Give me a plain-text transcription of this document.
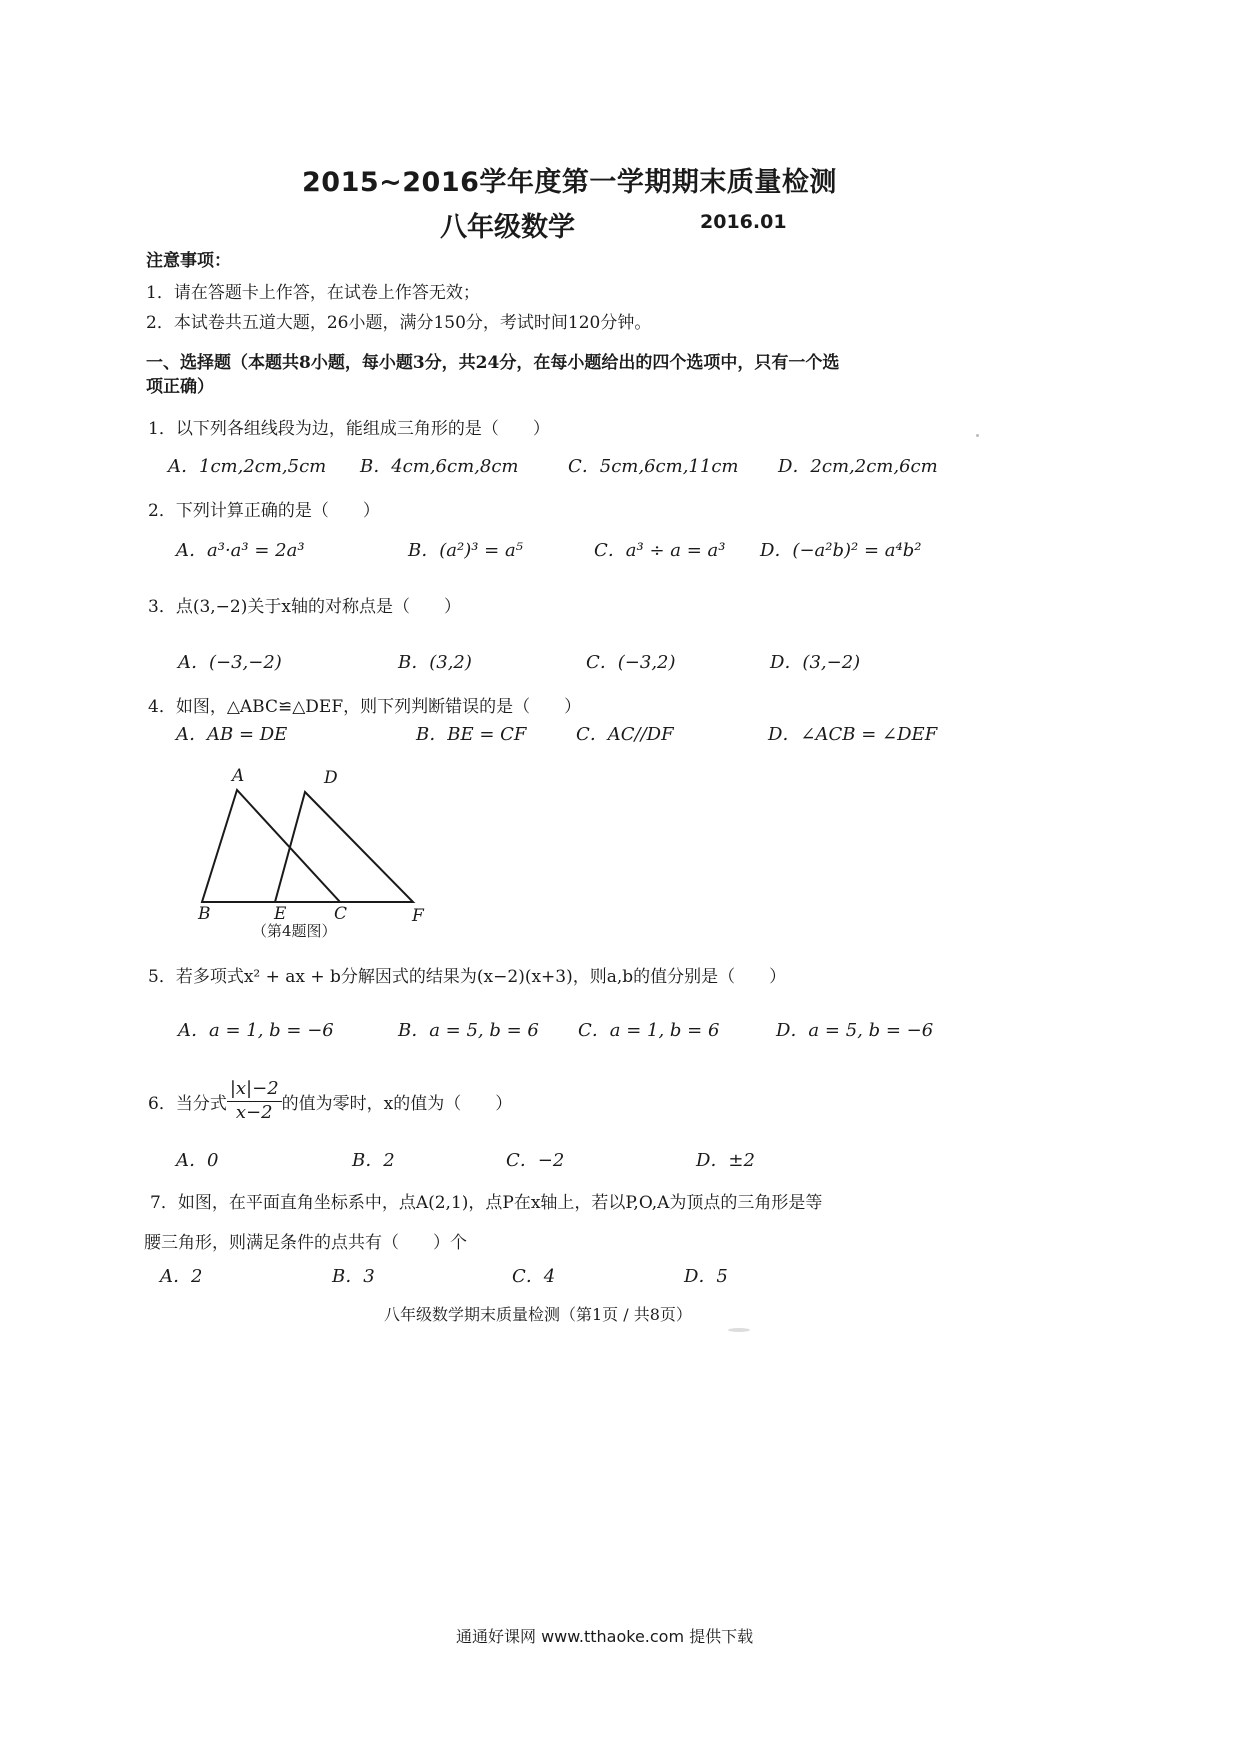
2015~2016学年度第一学期期末质量检测
八年级数学	2016.01
注意事项：
1．请在答题卡上作答，在试卷上作答无效；
2．本试卷共五道大题，26小题，满分150分，考试时间120分钟。
一、选择题（本题共8小题，每小题3分，共24分，在每小题给出的四个选项中，只有一个选
项正确）
1．以下列各组线段为边，能组成三角形的是（　　）
A．1cm,2cm,5cm B．4cm,6cm,8cm	C．5cm,6cm,11cm D．2cm,2cm,6cm
2．下列计算正确的是（　　）
A．a³·a³ = 2a³	B．(a²)³ = a⁵	C．a³ ÷ a = a³ D．(−a²b)² = a⁴b²
3．点(3,−2)关于x轴的对称点是（　　）
A．(−3,−2)	B．(3,2)	C．(−3,2)	D．(3,−2)
4．如图，△ABC≌△DEF，则下列判断错误的是（　　）
A．AB = DE	B．BE = CF	C．AC//DF	D．∠ACB = ∠DEF
A	D
B	E	C	F
（第4题图）
5．若多项式x² + ax + b分解因式的结果为(x−2)(x+3)，则a,b的值分别是（　　）
A．a = 1, b = −6	B．a = 5, b = 6 C．a = 1, b = 6	D．a = 5, b = −6
6．当分式 $\frac{|x|-2}{x-2}$ 的值为零时，x的值为（　　）
A．0	B．2	C．−2	D．±2
7．如图，在平面直角坐标系中，点A(2,1)，点P在x轴上，若以P,O,A为顶点的三角形是等
腰三角形，则满足条件的点共有（　　）个
A．2	B．3	C．4	D．5
八年级数学期末质量检测（第1页 / 共8页）
通通好课网 www.tthaoke.com 提供下载
